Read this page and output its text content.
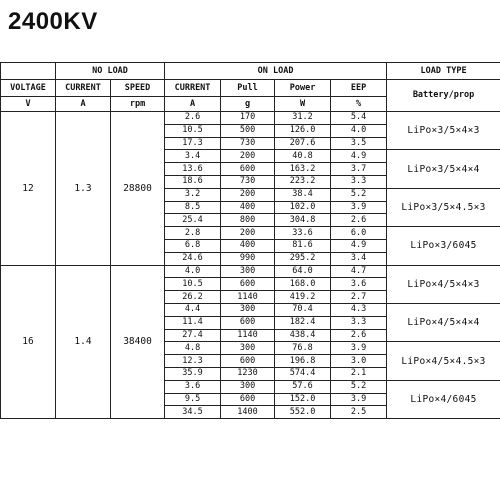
2400KV
	NO LOAD		ON LOAD				LOAD TYPE
VOLTAGE	CURRENT	SPEED	CURRENT	Pull	Power	EEP	Battery/prop
V	A	rpm	A	g	W	%	
12	1.3	28800	2.6	170	31.2	5.4	LiPo×3/5×4×3
			10.5	500	126.0	4.0	
			17.3	730	207.6	3.5	
			3.4	200	40.8	4.9	LiPo×3/5×4×4
			13.6	600	163.2	3.7	
			18.6	730	223.2	3.3	
			3.2	200	38.4	5.2	LiPo×3/5×4.5×3
			8.5	400	102.0	3.9	
			25.4	800	304.8	2.6	
			2.8	200	33.6	6.0	LiPo×3/6045
			6.8	400	81.6	4.9	
			24.6	990	295.2	3.4	
16	1.4	38400	4.0	300	64.0	4.7	LiPo×4/5×4×3
			10.5	600	168.0	3.6	
			26.2	1140	419.2	2.7	
			4.4	300	70.4	4.3	LiPo×4/5×4×4
			11.4	600	182.4	3.3	
			27.4	1140	438.4	2.6	
			4.8	300	76.8	3.9	LiPo×4/5×4.5×3
			12.3	600	196.8	3.0	
			35.9	1230	574.4	2.1	
			3.6	300	57.6	5.2	LiPo×4/6045
			9.5	600	152.0	3.9	
			34.5	1400	552.0	2.5	
